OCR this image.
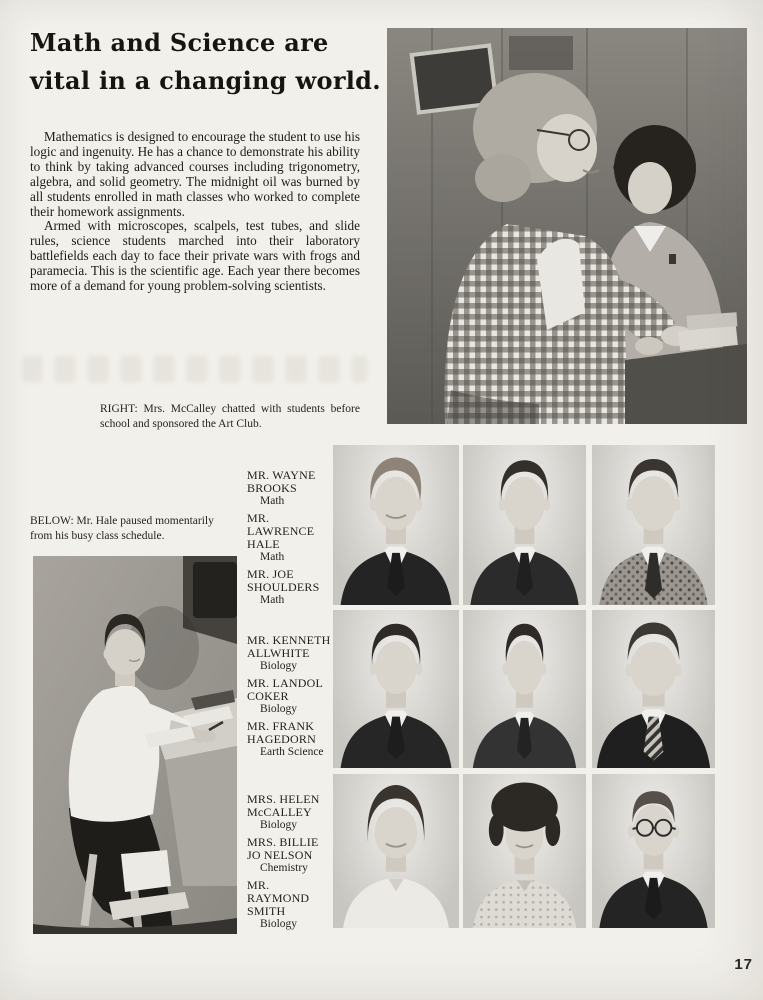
Math and Science are
vital in a changing world.

Mathematics is designed to encourage the student to use his logic and ingenuity. He has a chance to demonstrate his ability to think by taking advanced courses including trigonometry, algebra, and solid geometry. The midnight oil was burned by all students enrolled in math classes who worked to complete their homework assignments.

Armed with microscopes, scalpels, test tubes, and slide rules, science students marched into their laboratory battlefields each day to face their private wars with frogs and paramecia. This is the scientific age. Each year there becomes more of a demand for young problem-solving scientists.

RIGHT: Mrs. McCalley chatted with students before school and sponsored the Art Club.
MR. WAYNE BROOKS
Math
MR. LAWRENCE HALE
Math
MR. JOE SHOULDERS
Math
MR. KENNETH ALLWHITE
Biology
MR. LANDOL COKER
Biology
MR. FRANK HAGEDORN
Earth Science
MRS. HELEN McCALLEY
Biology
MRS. BILLIE JO NELSON
Chemistry
MR. RAYMOND SMITH
Biology
BELOW: Mr. Hale paused momentarily from his busy class schedule.
17
